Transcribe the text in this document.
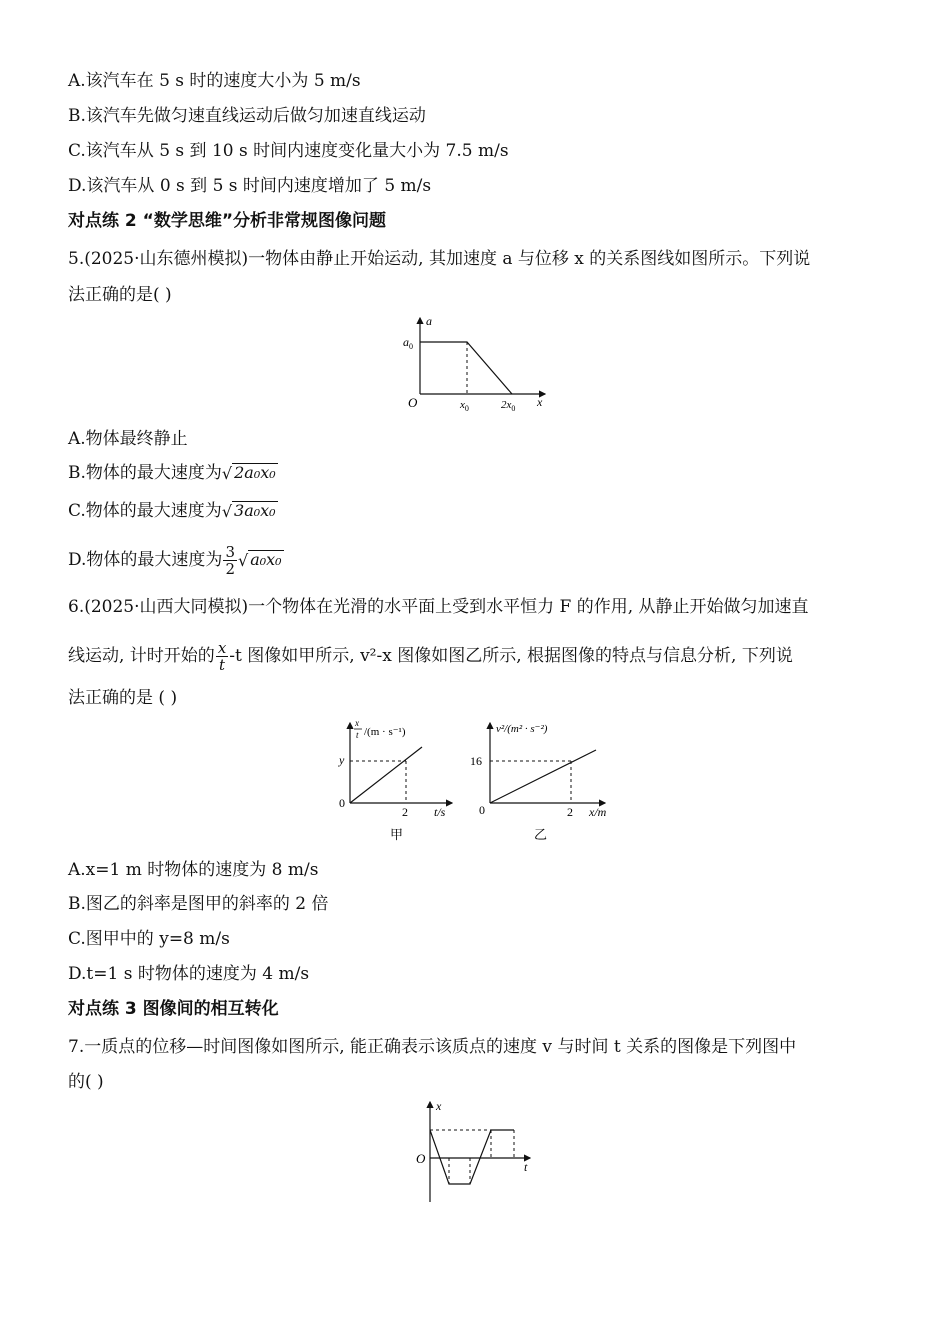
A.该汽车在 5 s 时的速度大小为 5 m/s
B.该汽车先做匀速直线运动后做匀加速直线运动
C.该汽车从 5 s 到 10 s 时间内速度变化量大小为 7.5 m/s
D.该汽车从 0 s 到 5 s 时间内速度增加了 5 m/s
对点练 2 “数学思维”分析非常规图像问题
5.(2025·山东德州模拟)一物体由静止开始运动, 其加速度 a 与位移 x 的关系图线如图所示。下列说
法正确的是( )
a
$a_0$
O	$x_0$	$2x_0$ x
A.物体最终静止
B.物体的最大速度为√ 2a₀x₀
C.物体的最大速度为√ 3a₀x₀
D.物体的最大速度为 $\frac{3}{2}$ √ a₀x₀
6.(2025·山西大同模拟)一个物体在光滑的水平面上受到水平恒力 F 的作用, 从静止开始做匀加速直
线运动, 计时开始的 $\frac{x}{t} -t$ 图像如甲所示, v²-x 图像如图乙所示, 根据图像的特点与信息分析, 下列说
法正确的是 ( )
x
t /(m · s⁻¹)
y
0
2 t/s
甲
v²/(m² · s⁻²)
16
0	2 x/m
乙
A.x=1 m 时物体的速度为 8 m/s
B.图乙的斜率是图甲的斜率的 2 倍
C.图甲中的 y=8 m/s
D.t=1 s 时物体的速度为 4 m/s
对点练 3 图像间的相互转化
7.一质点的位移—时间图像如图所示, 能正确表示该质点的速度 v 与时间 t 关系的图像是下列图中
的( )
x
O
t
